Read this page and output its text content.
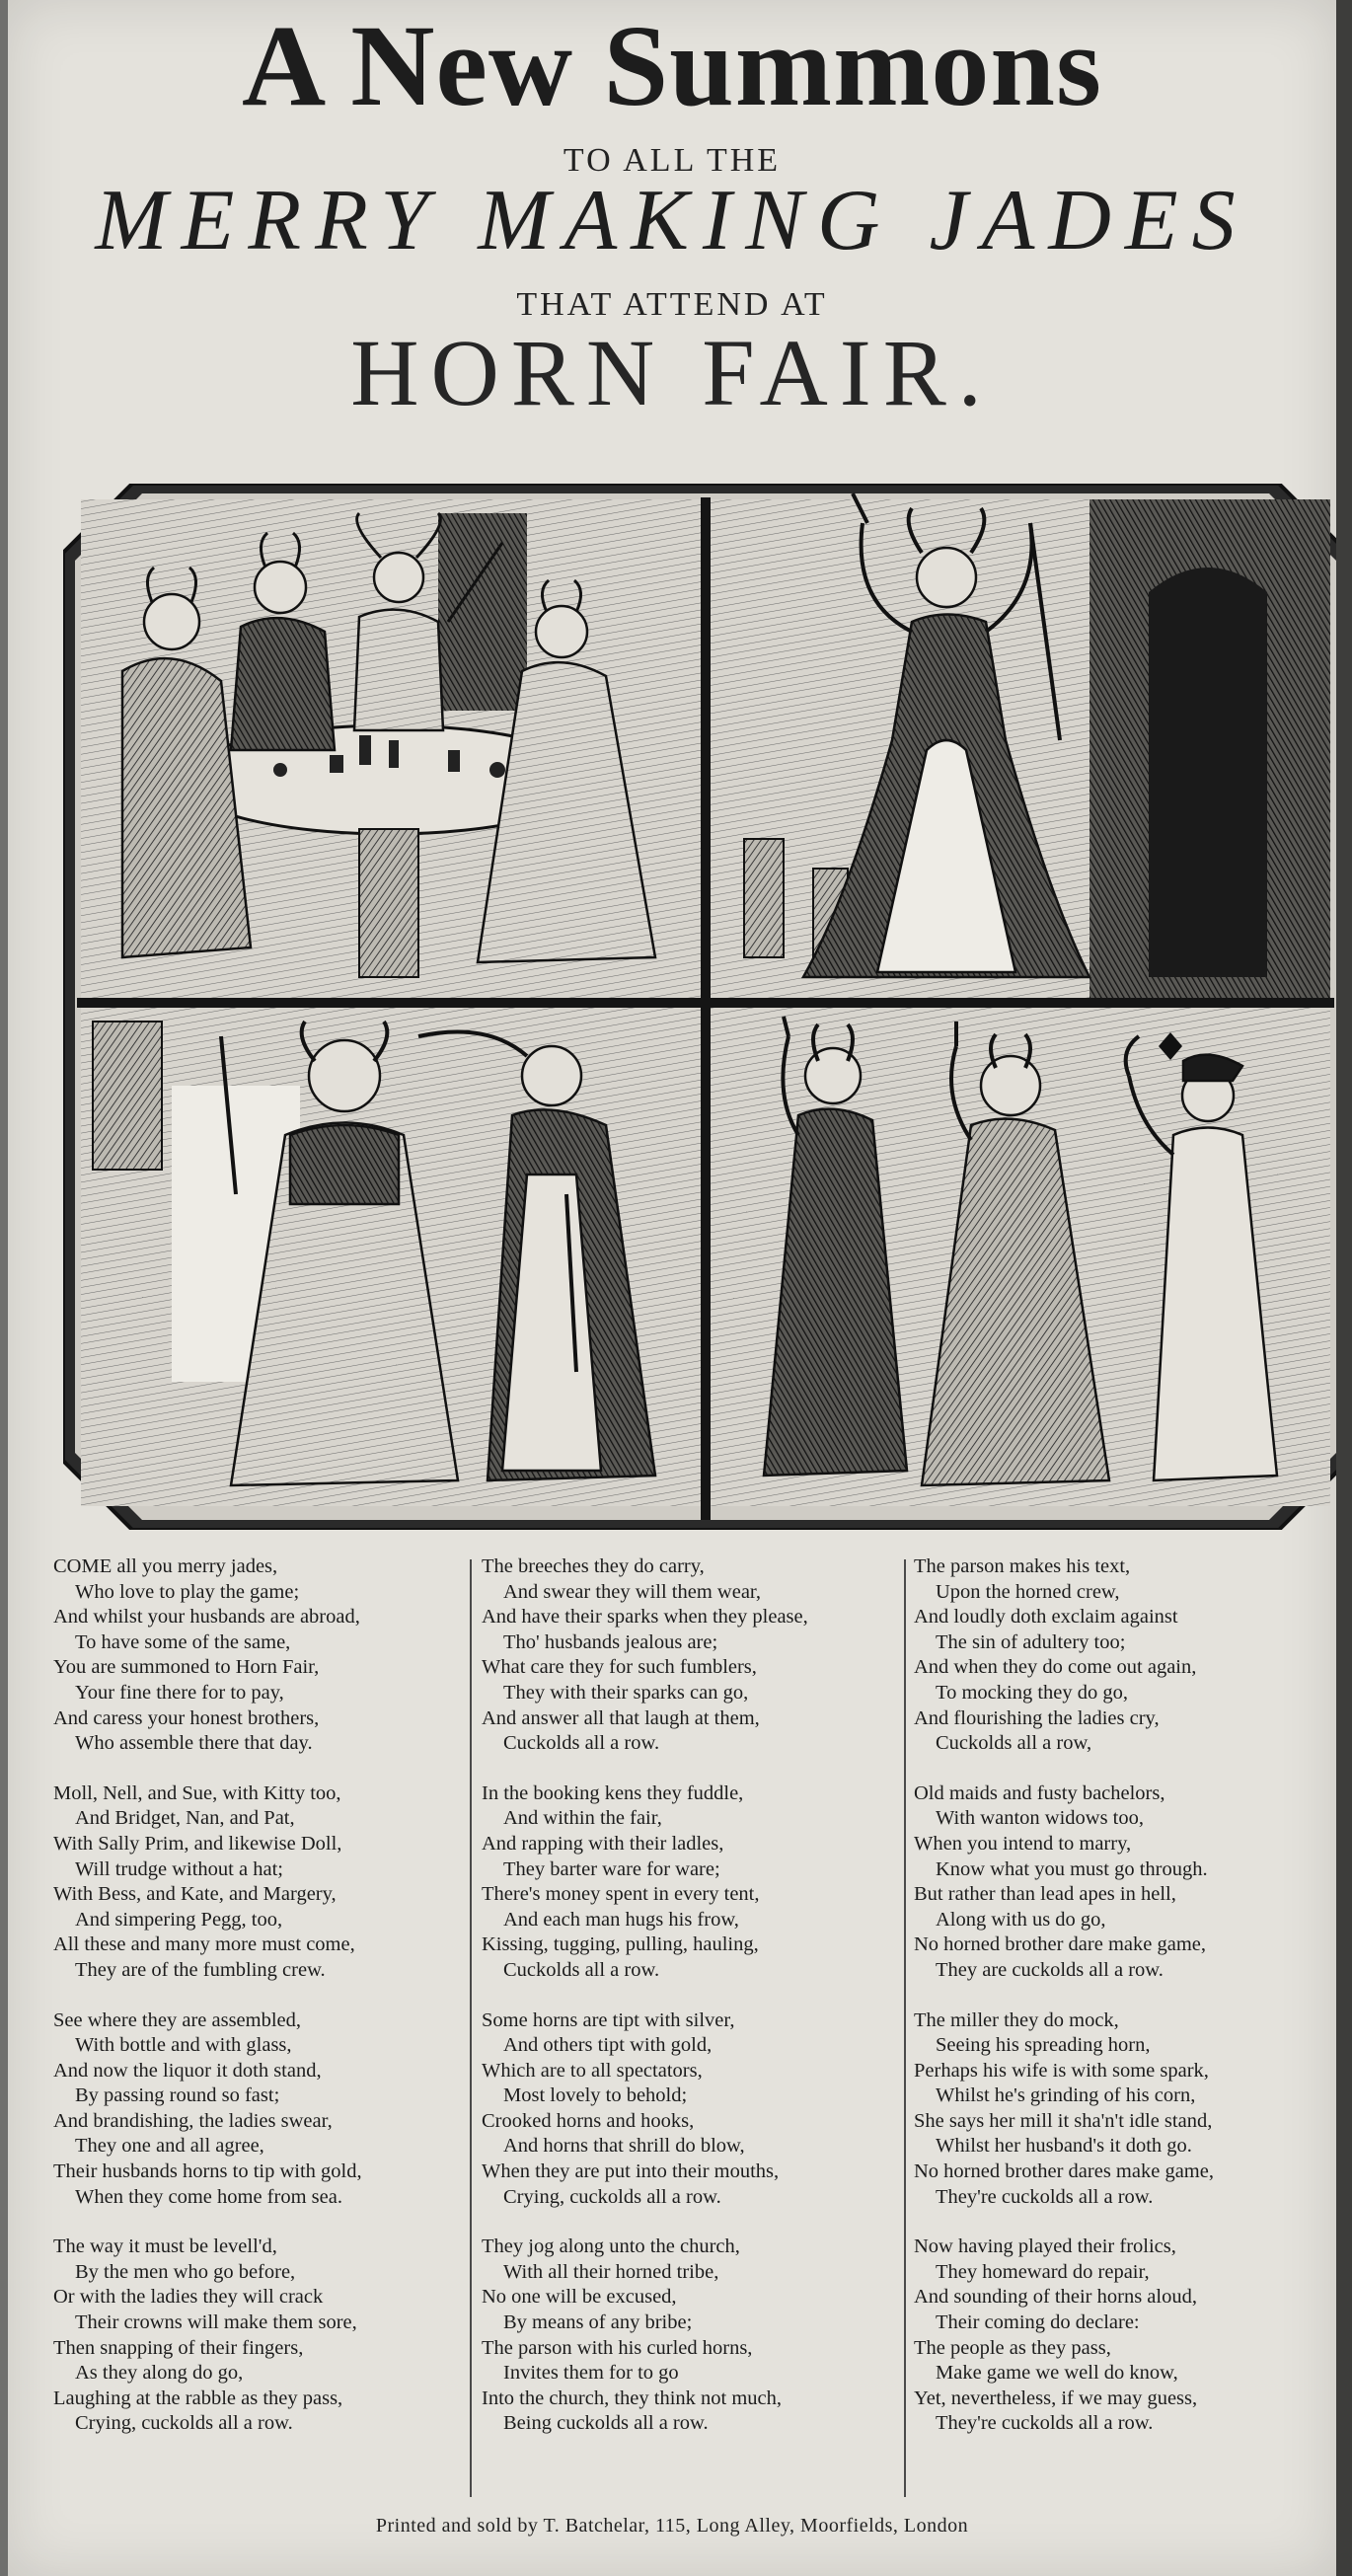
A New Summons
TO ALL THE
MERRY MAKING JADES
THAT ATTEND AT
HORN FAIR.
COME all you merry jades,
Who love to play the game;
And whilst your husbands are abroad,
To have some of the same,
You are summoned to Horn Fair,
Your fine there for to pay,
And caress your honest brothers,
Who assemble there that day.
Moll, Nell, and Sue, with Kitty too,
And Bridget, Nan, and Pat,
With Sally Prim, and likewise Doll,
Will trudge without a hat;
With Bess, and Kate, and Margery,
And simpering Pegg, too,
All these and many more must come,
They are of the fumbling crew.
See where they are assembled,
With bottle and with glass,
And now the liquor it doth stand,
By passing round so fast;
And brandishing, the ladies swear,
They one and all agree,
Their husbands horns to tip with gold,
When they come home from sea.
The way it must be levell'd,
By the men who go before,
Or with the ladies they will crack
Their crowns will make them sore,
Then snapping of their fingers,
As they along do go,
Laughing at the rabble as they pass,
Crying, cuckolds all a row.
The breeches they do carry,
And swear they will them wear,
And have their sparks when they please,
Tho' husbands jealous are;
What care they for such fumblers,
They with their sparks can go,
And answer all that laugh at them,
Cuckolds all a row.
In the booking kens they fuddle,
And within the fair,
And rapping with their ladles,
They barter ware for ware;
There's money spent in every tent,
And each man hugs his frow,
Kissing, tugging, pulling, hauling,
Cuckolds all a row.
Some horns are tipt with silver,
And others tipt with gold,
Which are to all spectators,
Most lovely to behold;
Crooked horns and hooks,
And horns that shrill do blow,
When they are put into their mouths,
Crying, cuckolds all a row.
They jog along unto the church,
With all their horned tribe,
No one will be excused,
By means of any bribe;
The parson with his curled horns,
Invites them for to go
Into the church, they think not much,
Being cuckolds all a row.
The parson makes his text,
Upon the horned crew,
And loudly doth exclaim against
The sin of adultery too;
And when they do come out again,
To mocking they do go,
And flourishing the ladies cry,
Cuckolds all a row,
Old maids and fusty bachelors,
With wanton widows too,
When you intend to marry,
Know what you must go through.
But rather than lead apes in hell,
Along with us do go,
No horned brother dare make game,
They are cuckolds all a row.
The miller they do mock,
Seeing his spreading horn,
Perhaps his wife is with some spark,
Whilst he's grinding of his corn,
She says her mill it sha'n't idle stand,
Whilst her husband's it doth go.
No horned brother dares make game,
They're cuckolds all a row.
Now having played their frolics,
They homeward do repair,
And sounding of their horns aloud,
Their coming do declare:
The people as they pass,
Make game we well do know,
Yet, nevertheless, if we may guess,
They're cuckolds all a row.
Printed and sold by T. Batchelar, 115, Long Alley, Moorfields, London
